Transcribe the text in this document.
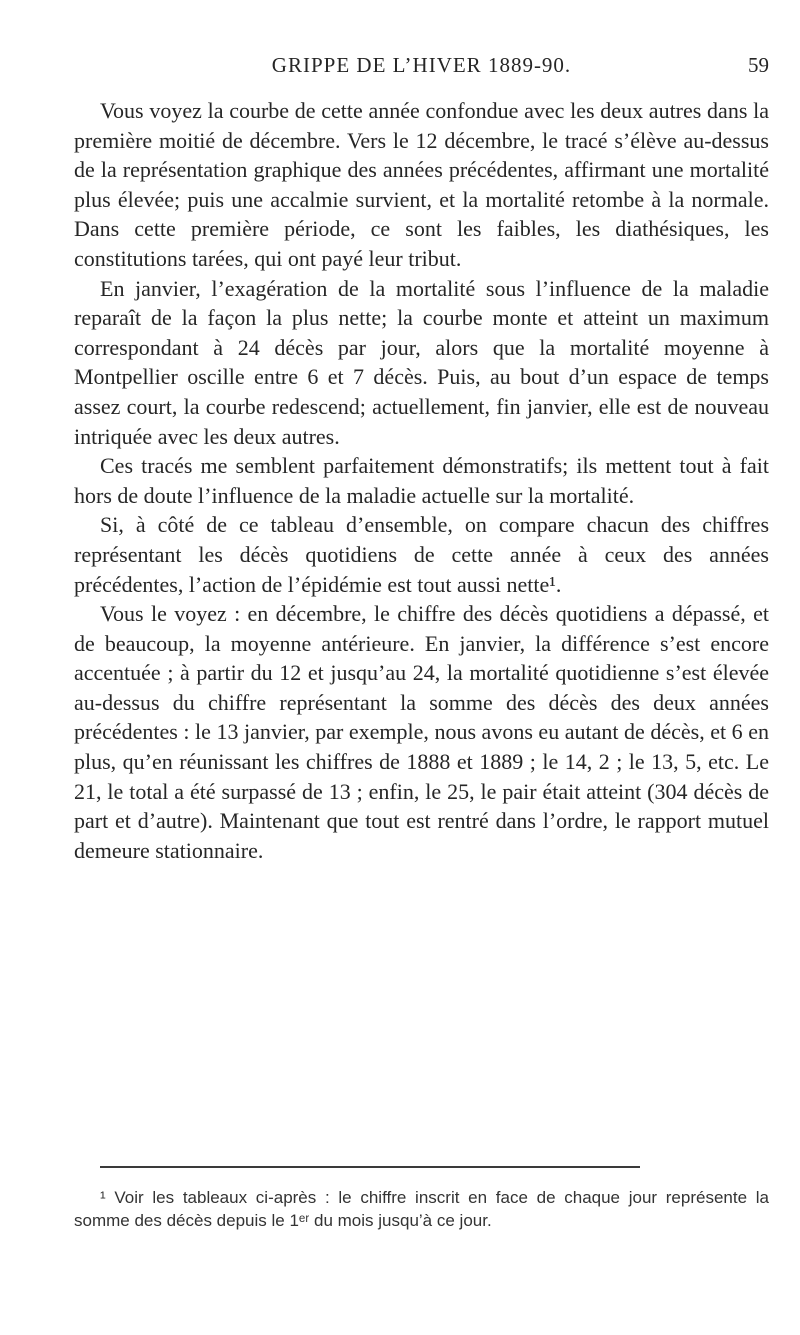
GRIPPE DE L’HIVER 1889-90.	59

Vous voyez la courbe de cette année confondue avec les deux autres dans la première moitié de décembre. Vers le 12 décembre, le tracé s’élève au-dessus de la représentation graphique des années précédentes, affirmant une mortalité plus élevée; puis une accalmie survient, et la mortalité retombe à la normale. Dans cette première période, ce sont les faibles, les diathésiques, les constitutions tarées, qui ont payé leur tribut.

En janvier, l’exagération de la mortalité sous l’influence de la maladie reparaît de la façon la plus nette; la courbe monte et atteint un maximum correspondant à 24 décès par jour, alors que la mortalité moyenne à Montpellier oscille entre 6 et 7 décès. Puis, au bout d’un espace de temps assez court, la courbe redescend; actuellement, fin janvier, elle est de nouveau intriquée avec les deux autres.

Ces tracés me semblent parfaitement démonstratifs; ils mettent tout à fait hors de doute l’influence de la maladie actuelle sur la mortalité.

Si, à côté de ce tableau d’ensemble, on compare chacun des chiffres représentant les décès quotidiens de cette année à ceux des années précédentes, l’action de l’épidémie est tout aussi nette¹.

Vous le voyez : en décembre, le chiffre des décès quotidiens a dépassé, et de beaucoup, la moyenne antérieure. En janvier, la différence s’est encore accentuée ; à partir du 12 et jusqu’au 24, la mortalité quotidienne s’est élevée au-dessus du chiffre représentant la somme des décès des deux années précédentes : le 13 janvier, par exemple, nous avons eu autant de décès, et 6 en plus, qu’en réunissant les chiffres de 1888 et 1889 ; le 14, 2 ; le 13, 5, etc. Le 21, le total a été surpassé de 13 ; enfin, le 25, le pair était atteint (304 décès de part et d’autre). Maintenant que tout est rentré dans l’ordre, le rapport mutuel demeure stationnaire.

¹ Voir les tableaux ci-après : le chiffre inscrit en face de chaque jour représente la somme des décès depuis le 1ᵉʳ du mois jusqu’à ce jour.
